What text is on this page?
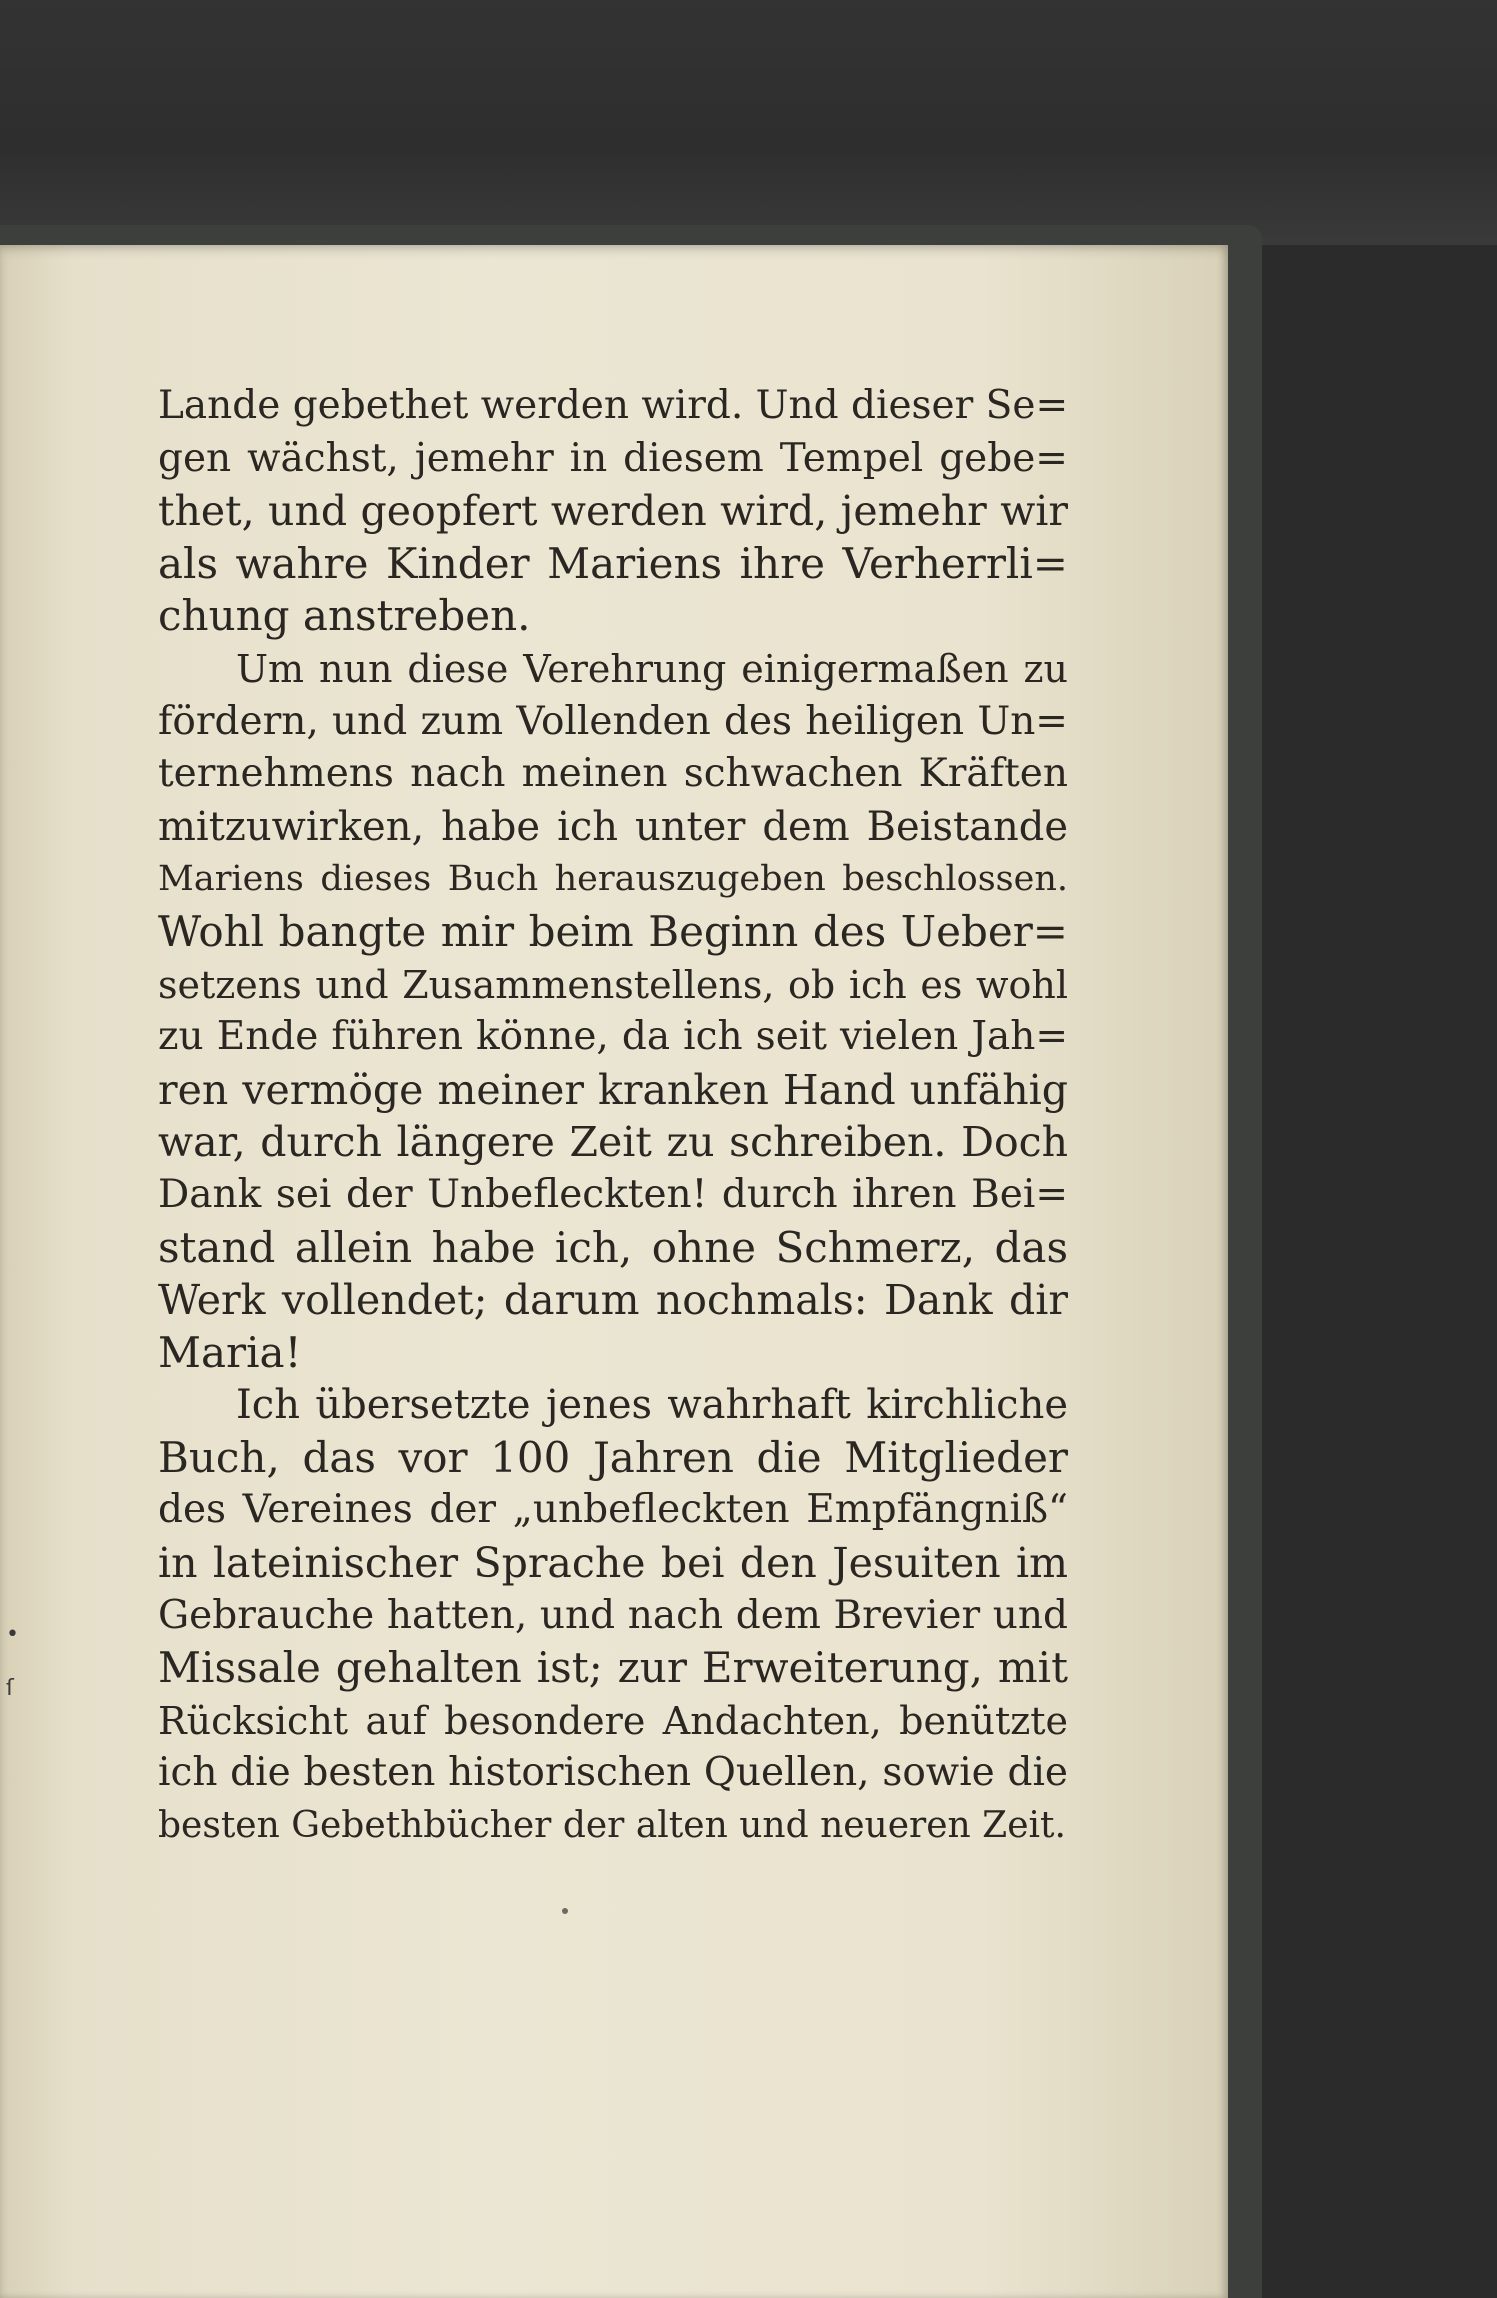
Lande gebethet werden wird. Und dieser Se=
gen wächst, jemehr in diesem Tempel gebe=
thet, und geopfert werden wird, jemehr wir
als wahre Kinder Mariens ihre Verherrli=
chung anstreben.
Um nun diese Verehrung einigermaßen zu
fördern, und zum Vollenden des heiligen Un=
ternehmens nach meinen schwachen Kräften
mitzuwirken, habe ich unter dem Beistande
Mariens dieses Buch herauszugeben beschlossen.
Wohl bangte mir beim Beginn des Ueber=
setzens und Zusammenstellens, ob ich es wohl
zu Ende führen könne, da ich seit vielen Jah=
ren vermöge meiner kranken Hand unfähig
war, durch längere Zeit zu schreiben. Doch
Dank sei der Unbefleckten! durch ihren Bei=
stand allein habe ich, ohne Schmerz, das
Werk vollendet; darum nochmals: Dank dir
Maria!
Ich übersetzte jenes wahrhaft kirchliche
Buch, das vor 100 Jahren die Mitglieder
des Vereines der „unbefleckten Empfängniß“
in lateinischer Sprache bei den Jesuiten im
Gebrauche hatten, und nach dem Brevier und
Missale gehalten ist; zur Erweiterung, mit
Rücksicht auf besondere Andachten, benützte
ich die besten historischen Quellen, sowie die
besten Gebethbücher der alten und neueren Zeit.
•
ſ
